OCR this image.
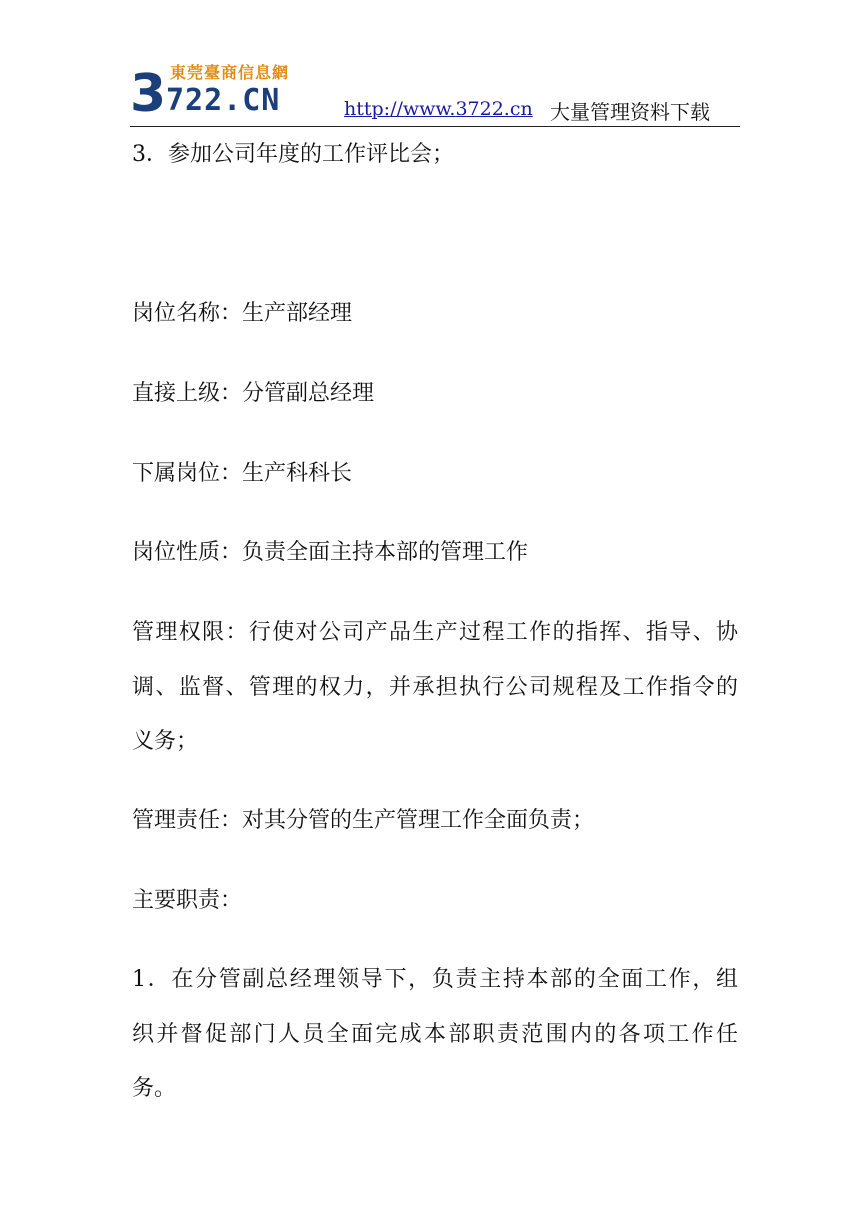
3 東莞臺商信息網
722.CN	http://www.3722.cn 大量管理资料下载
3．参加公司年度的工作评比会；
岗位名称：生产部经理
直接上级：分管副总经理
下属岗位：生产科科长
岗位性质：负责全面主持本部的管理工作
管理权限：行使对公司产品生产过程工作的指挥、指导、协
调、监督、管理的权力，并承担执行公司规程及工作指令的
义务；
管理责任：对其分管的生产管理工作全面负责；
主要职责：
1．在分管副总经理领导下，负责主持本部的全面工作，组
织并督促部门人员全面完成本部职责范围内的各项工作任
务。
